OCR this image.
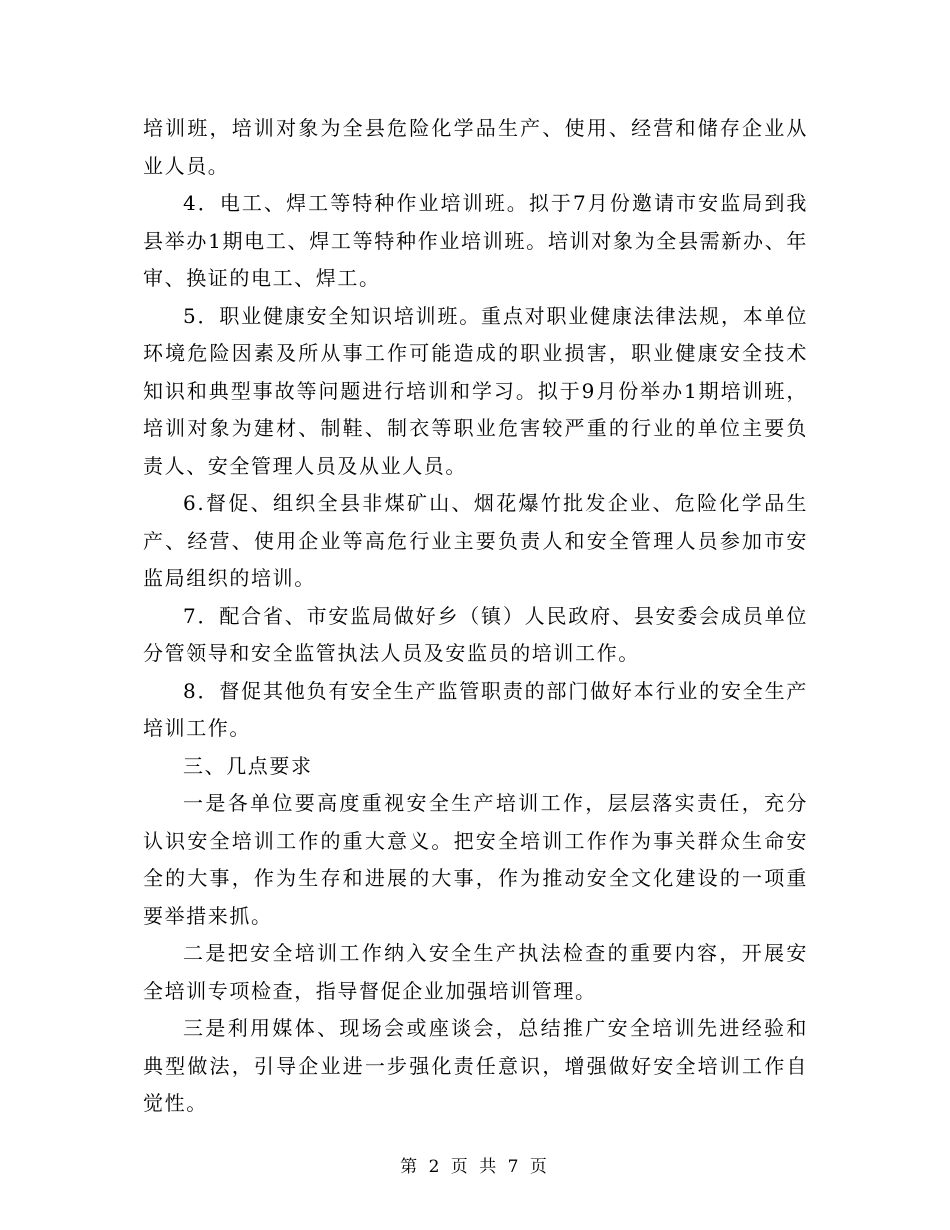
培训班，培训对象为全县危险化学品生产、使用、经营和储存企业从业人员。

4．电工、焊工等特种作业培训班。拟于7月份邀请市安监局到我县举办1期电工、焊工等特种作业培训班。培训对象为全县需新办、年审、换证的电工、焊工。

5．职业健康安全知识培训班。重点对职业健康法律法规，本单位环境危险因素及所从事工作可能造成的职业损害，职业健康安全技术知识和典型事故等问题进行培训和学习。拟于9月份举办1期培训班，培训对象为建材、制鞋、制衣等职业危害较严重的行业的单位主要负责人、安全管理人员及从业人员。

6.督促、组织全县非煤矿山、烟花爆竹批发企业、危险化学品生产、经营、使用企业等高危行业主要负责人和安全管理人员参加市安监局组织的培训。

7．配合省、市安监局做好乡（镇）人民政府、县安委会成员单位分管领导和安全监管执法人员及安监员的培训工作。

8．督促其他负有安全生产监管职责的部门做好本行业的安全生产培训工作。

三、几点要求

一是各单位要高度重视安全生产培训工作，层层落实责任，充分认识安全培训工作的重大意义。把安全培训工作作为事关群众生命安全的大事，作为生存和进展的大事，作为推动安全文化建设的一项重要举措来抓。

二是把安全培训工作纳入安全生产执法检查的重要内容，开展安全培训专项检查，指导督促企业加强培训管理。

三是利用媒体、现场会或座谈会，总结推广安全培训先进经验和典型做法，引导企业进一步强化责任意识，增强做好安全培训工作自觉性。

第 2 页 共 7 页
